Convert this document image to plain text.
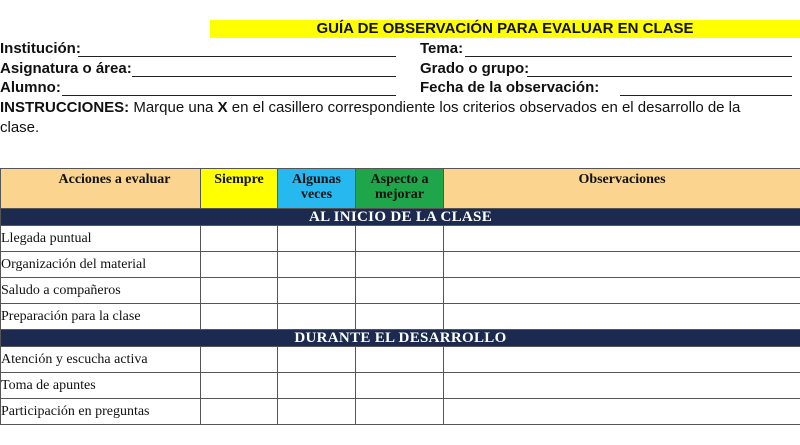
GUÍA DE OBSERVACIÓN PARA EVALUAR EN CLASE
Institución:	Tema:
Asignatura o área:	Grado o grupo:
Alumno:	Fecha de la observación:
INSTRUCCIONES: Marque una X en el casillero correspondiente los criterios observados en el desarrollo de la clase.
Acciones a evaluar	Siempre	Algunas veces	Aspecto a mejorar	Observaciones
AL INICIO DE LA CLASE				
Llegada puntual				
Organización del material				
Saludo a compañeros				
Preparación para la clase				
DURANTE EL DESARROLLO				
Atención y escucha activa				
Toma de apuntes				
Participación en preguntas				
